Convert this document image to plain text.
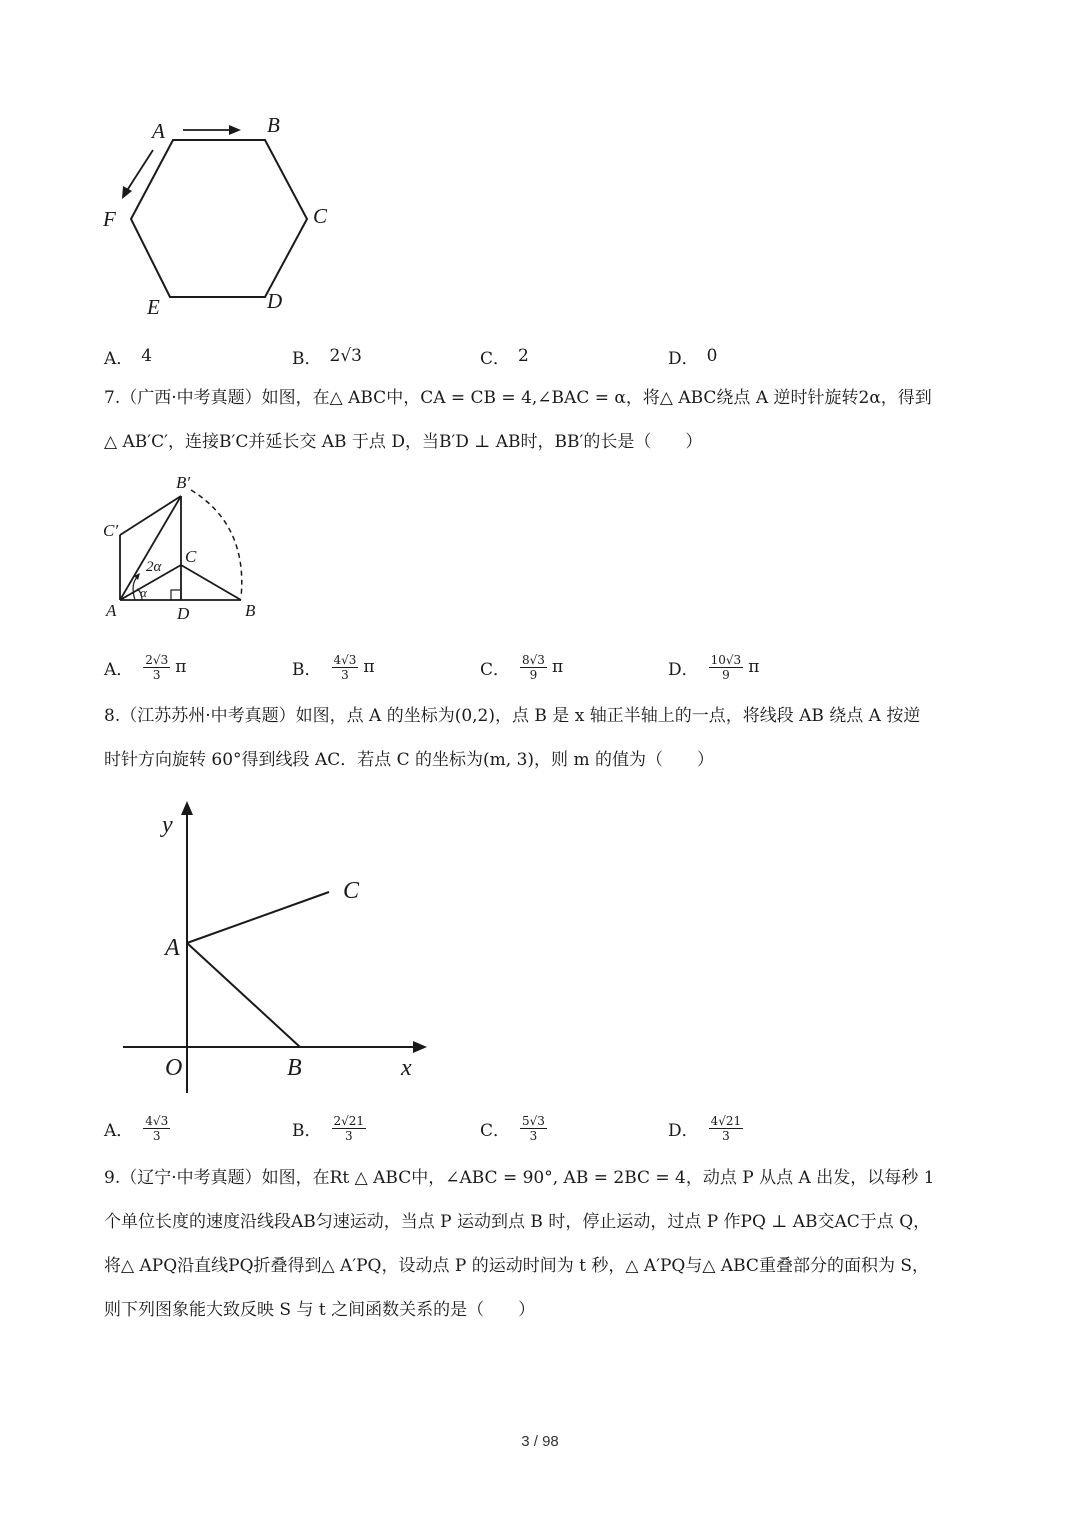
A	B
C
D
E
F
A． 4	B． 2√3	C． 2	D． 0
7.（广西·中考真题）如图，在△ ABC中，CA = CB = 4,∠BAC = α，将△ ABC绕点 A 逆时针旋转2α，得到
△ AB′C′，连接B′C并延长交 AB 于点 D，当B′D ⊥ AB时，BB′的长是（　　）
B′
C′
C
2α
α
A	D	B
A． $\frac{2√3}{3}$ π	B． $\frac{4√3}{3}$ π	C． $\frac{8√3}{9}$ π	D． $\frac{10√3}{9}$ π
8.（江苏苏州·中考真题）如图，点 A 的坐标为(0,2)，点 B 是 x 轴正半轴上的一点，将线段 AB 绕点 A 按逆
时针方向旋转 60°得到线段 AC．若点 C 的坐标为(m, 3)，则 m 的值为（　　）
y
C
A
O	B	x
A． $\frac{4√3}{3}$	B． $\frac{2√21}{3}$	C． $\frac{5√3}{3}$	D． $\frac{4√21}{3}$
9.（辽宁·中考真题）如图，在Rt △ ABC中，∠ABC = 90°, AB = 2BC = 4，动点 P 从点 A 出发，以每秒 1
个单位长度的速度沿线段AB匀速运动，当点 P 运动到点 B 时，停止运动，过点 P 作PQ ⊥ AB交AC于点 Q，
将△ APQ沿直线PQ折叠得到△ A′PQ，设动点 P 的运动时间为 t 秒，△ A′PQ与△ ABC重叠部分的面积为 S，
则下列图象能大致反映 S 与 t 之间函数关系的是（　　）
3 / 98
